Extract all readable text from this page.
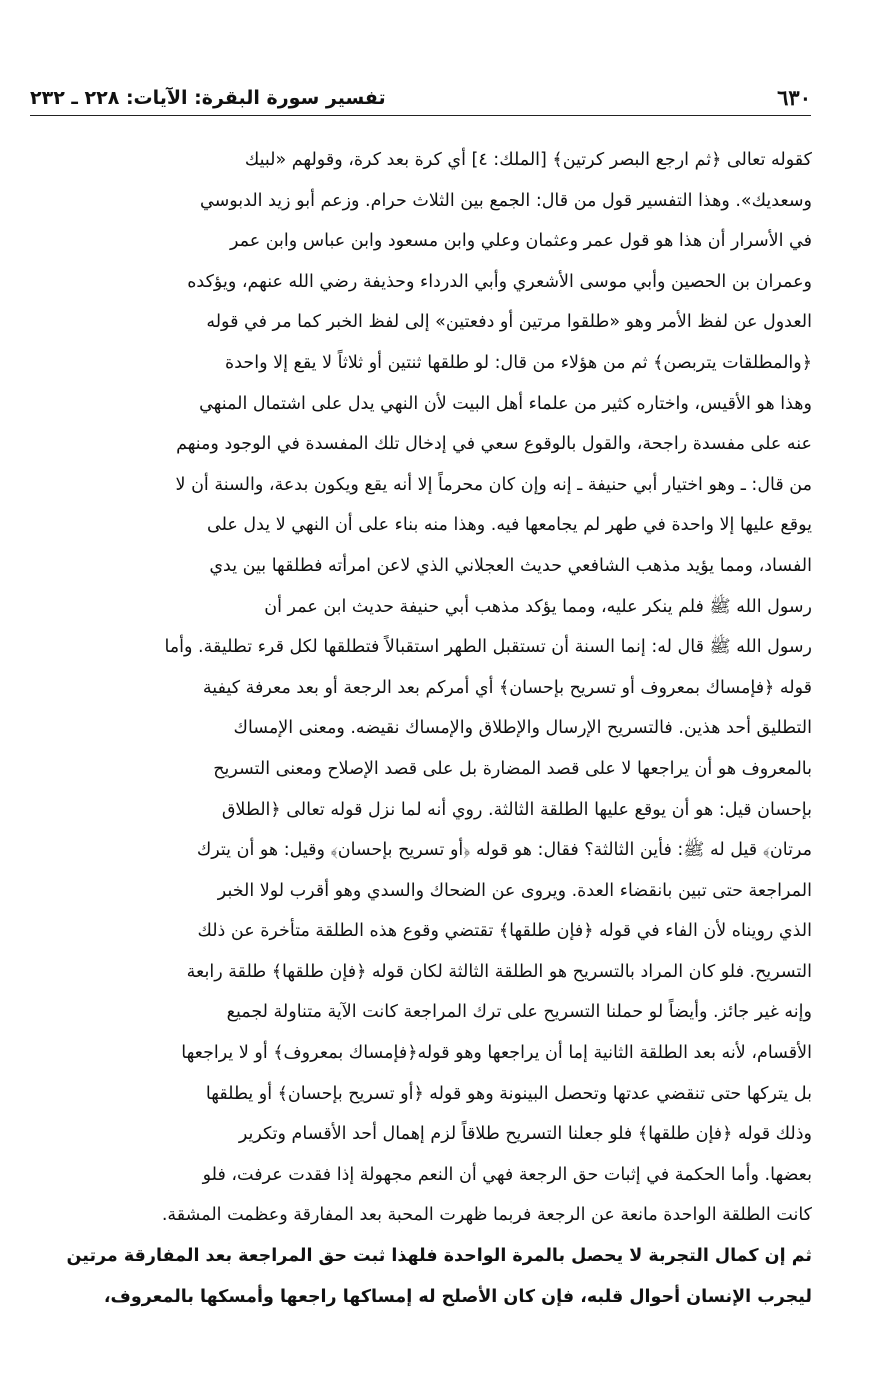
٦٣٠
تفسير سورة البقرة: الآيات: ٢٢٨ ـ ٢٣٢
كقوله تعالى ﴿ثم ارجع البصر كرتين﴾ [الملك: ٤] أي كرة بعد كرة، وقولهم «لبيك
وسعديك». وهذا التفسير قول من قال: الجمع بين الثلاث حرام. وزعم أبو زيد الدبوسي
في الأسرار أن هذا هو قول عمر وعثمان وعلي وابن مسعود وابن عباس وابن عمر
وعمران بن الحصين وأبي موسى الأشعري وأبي الدرداء وحذيفة رضي الله عنهم، ويؤكده
العدول عن لفظ الأمر وهو «طلقوا مرتين أو دفعتين» إلى لفظ الخبر كما مر في قوله
﴿والمطلقات يتربصن﴾ ثم من هؤلاء من قال: لو طلقها ثنتين أو ثلاثاً لا يقع إلا واحدة
وهذا هو الأقيس، واختاره كثير من علماء أهل البيت لأن النهي يدل على اشتمال المنهي
عنه على مفسدة راجحة، والقول بالوقوع سعي في إدخال تلك المفسدة في الوجود ومنهم
من قال: ـ وهو اختيار أبي حنيفة ـ إنه وإن كان محرماً إلا أنه يقع ويكون بدعة، والسنة أن لا
يوقع عليها إلا واحدة في طهر لم يجامعها فيه. وهذا منه بناء على أن النهي لا يدل على
الفساد، ومما يؤيد مذهب الشافعي حديث العجلاني الذي لاعن امرأته فطلقها بين يدي
رسول الله ﷺ فلم ينكر عليه، ومما يؤكد مذهب أبي حنيفة حديث ابن عمر أن
رسول الله ﷺ قال له: إنما السنة أن تستقبل الطهر استقبالاً فتطلقها لكل قرء تطليقة. وأما
قوله ﴿فإمساك بمعروف أو تسريح بإحسان﴾ أي أمركم بعد الرجعة أو بعد معرفة كيفية
التطليق أحد هذين. فالتسريح الإرسال والإطلاق والإمساك نقيضه. ومعنى الإمساك
بالمعروف هو أن يراجعها لا على قصد المضارة بل على قصد الإصلاح ومعنى التسريح
بإحسان قيل: هو أن يوقع عليها الطلقة الثالثة. روي أنه لما نزل قوله تعالى ﴿الطلاق
مرتان﴾ قيل له ﷺ: فأين الثالثة؟ فقال: هو قوله ﴿أو تسريح بإحسان﴾ وقيل: هو أن يترك
المراجعة حتى تبين بانقضاء العدة. ويروى عن الضحاك والسدي وهو أقرب لولا الخبر
الذي رويناه لأن الفاء في قوله ﴿فإن طلقها﴾ تقتضي وقوع هذه الطلقة متأخرة عن ذلك
التسريح. فلو كان المراد بالتسريح هو الطلقة الثالثة لكان قوله ﴿فإن طلقها﴾ طلقة رابعة
وإنه غير جائز. وأيضاً لو حملنا التسريح على ترك المراجعة كانت الآية متناولة لجميع
الأقسام، لأنه بعد الطلقة الثانية إما أن يراجعها وهو قوله﴿فإمساك بمعروف﴾ أو لا يراجعها
بل يتركها حتى تنقضي عدتها وتحصل البينونة وهو قوله ﴿أو تسريح بإحسان﴾ أو يطلقها
وذلك قوله ﴿فإن طلقها﴾ فلو جعلنا التسريح طلاقاً لزم إهمال أحد الأقسام وتكرير
بعضها. وأما الحكمة في إثبات حق الرجعة فهي أن النعم مجهولة إذا فقدت عرفت، فلو
كانت الطلقة الواحدة مانعة عن الرجعة فربما ظهرت المحبة بعد المفارقة وعظمت المشقة.
ثم إن كمال التجربة لا يحصل بالمرة الواحدة فلهذا ثبت حق المراجعة بعد المفارقة مرتين
ليجرب الإنسان أحوال قلبه، فإن كان الأصلح له إمساكها راجعها وأمسكها بالمعروف،
